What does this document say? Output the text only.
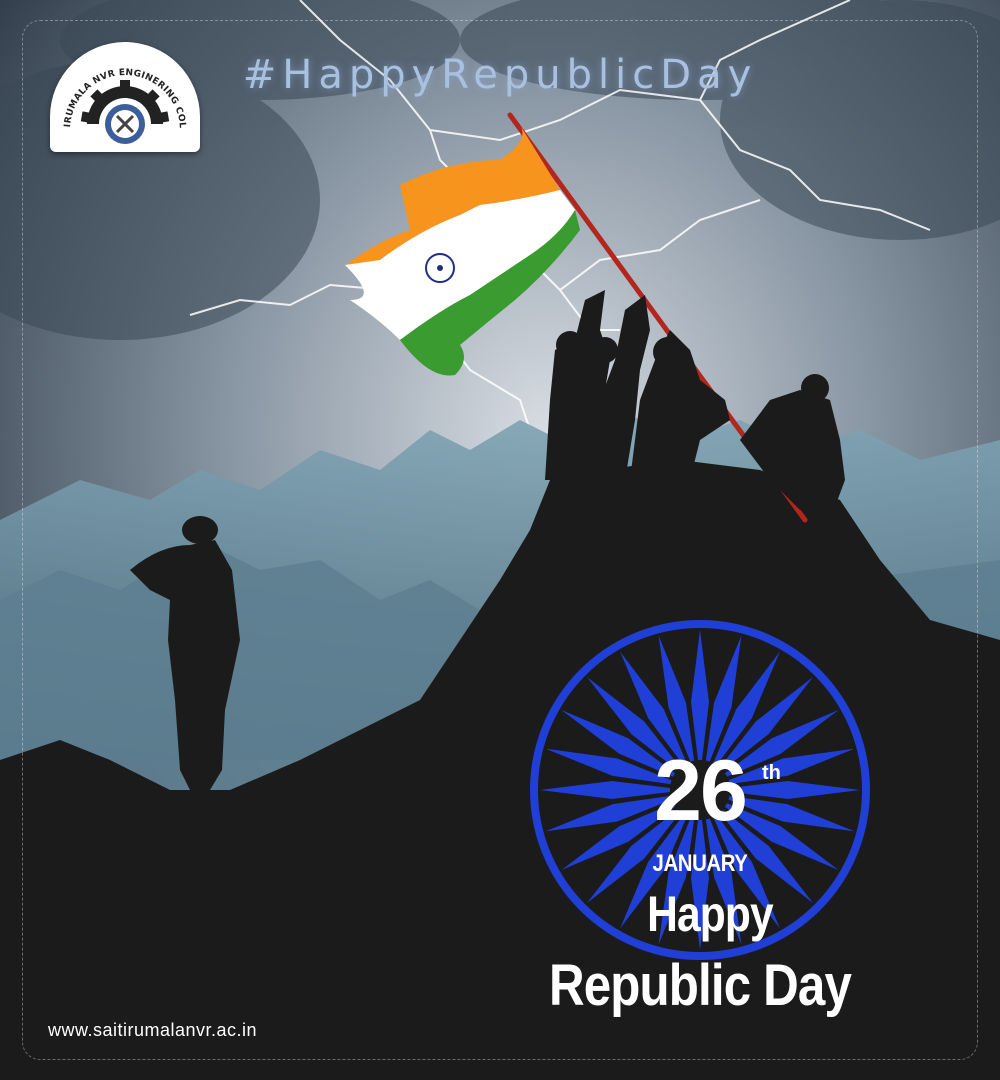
IRUMALA NVR ENGINERING COL
#HappyRepublicDay
26 th
JANUARY
Happy
Republic Day
www.saitirumalanvr.ac.in
